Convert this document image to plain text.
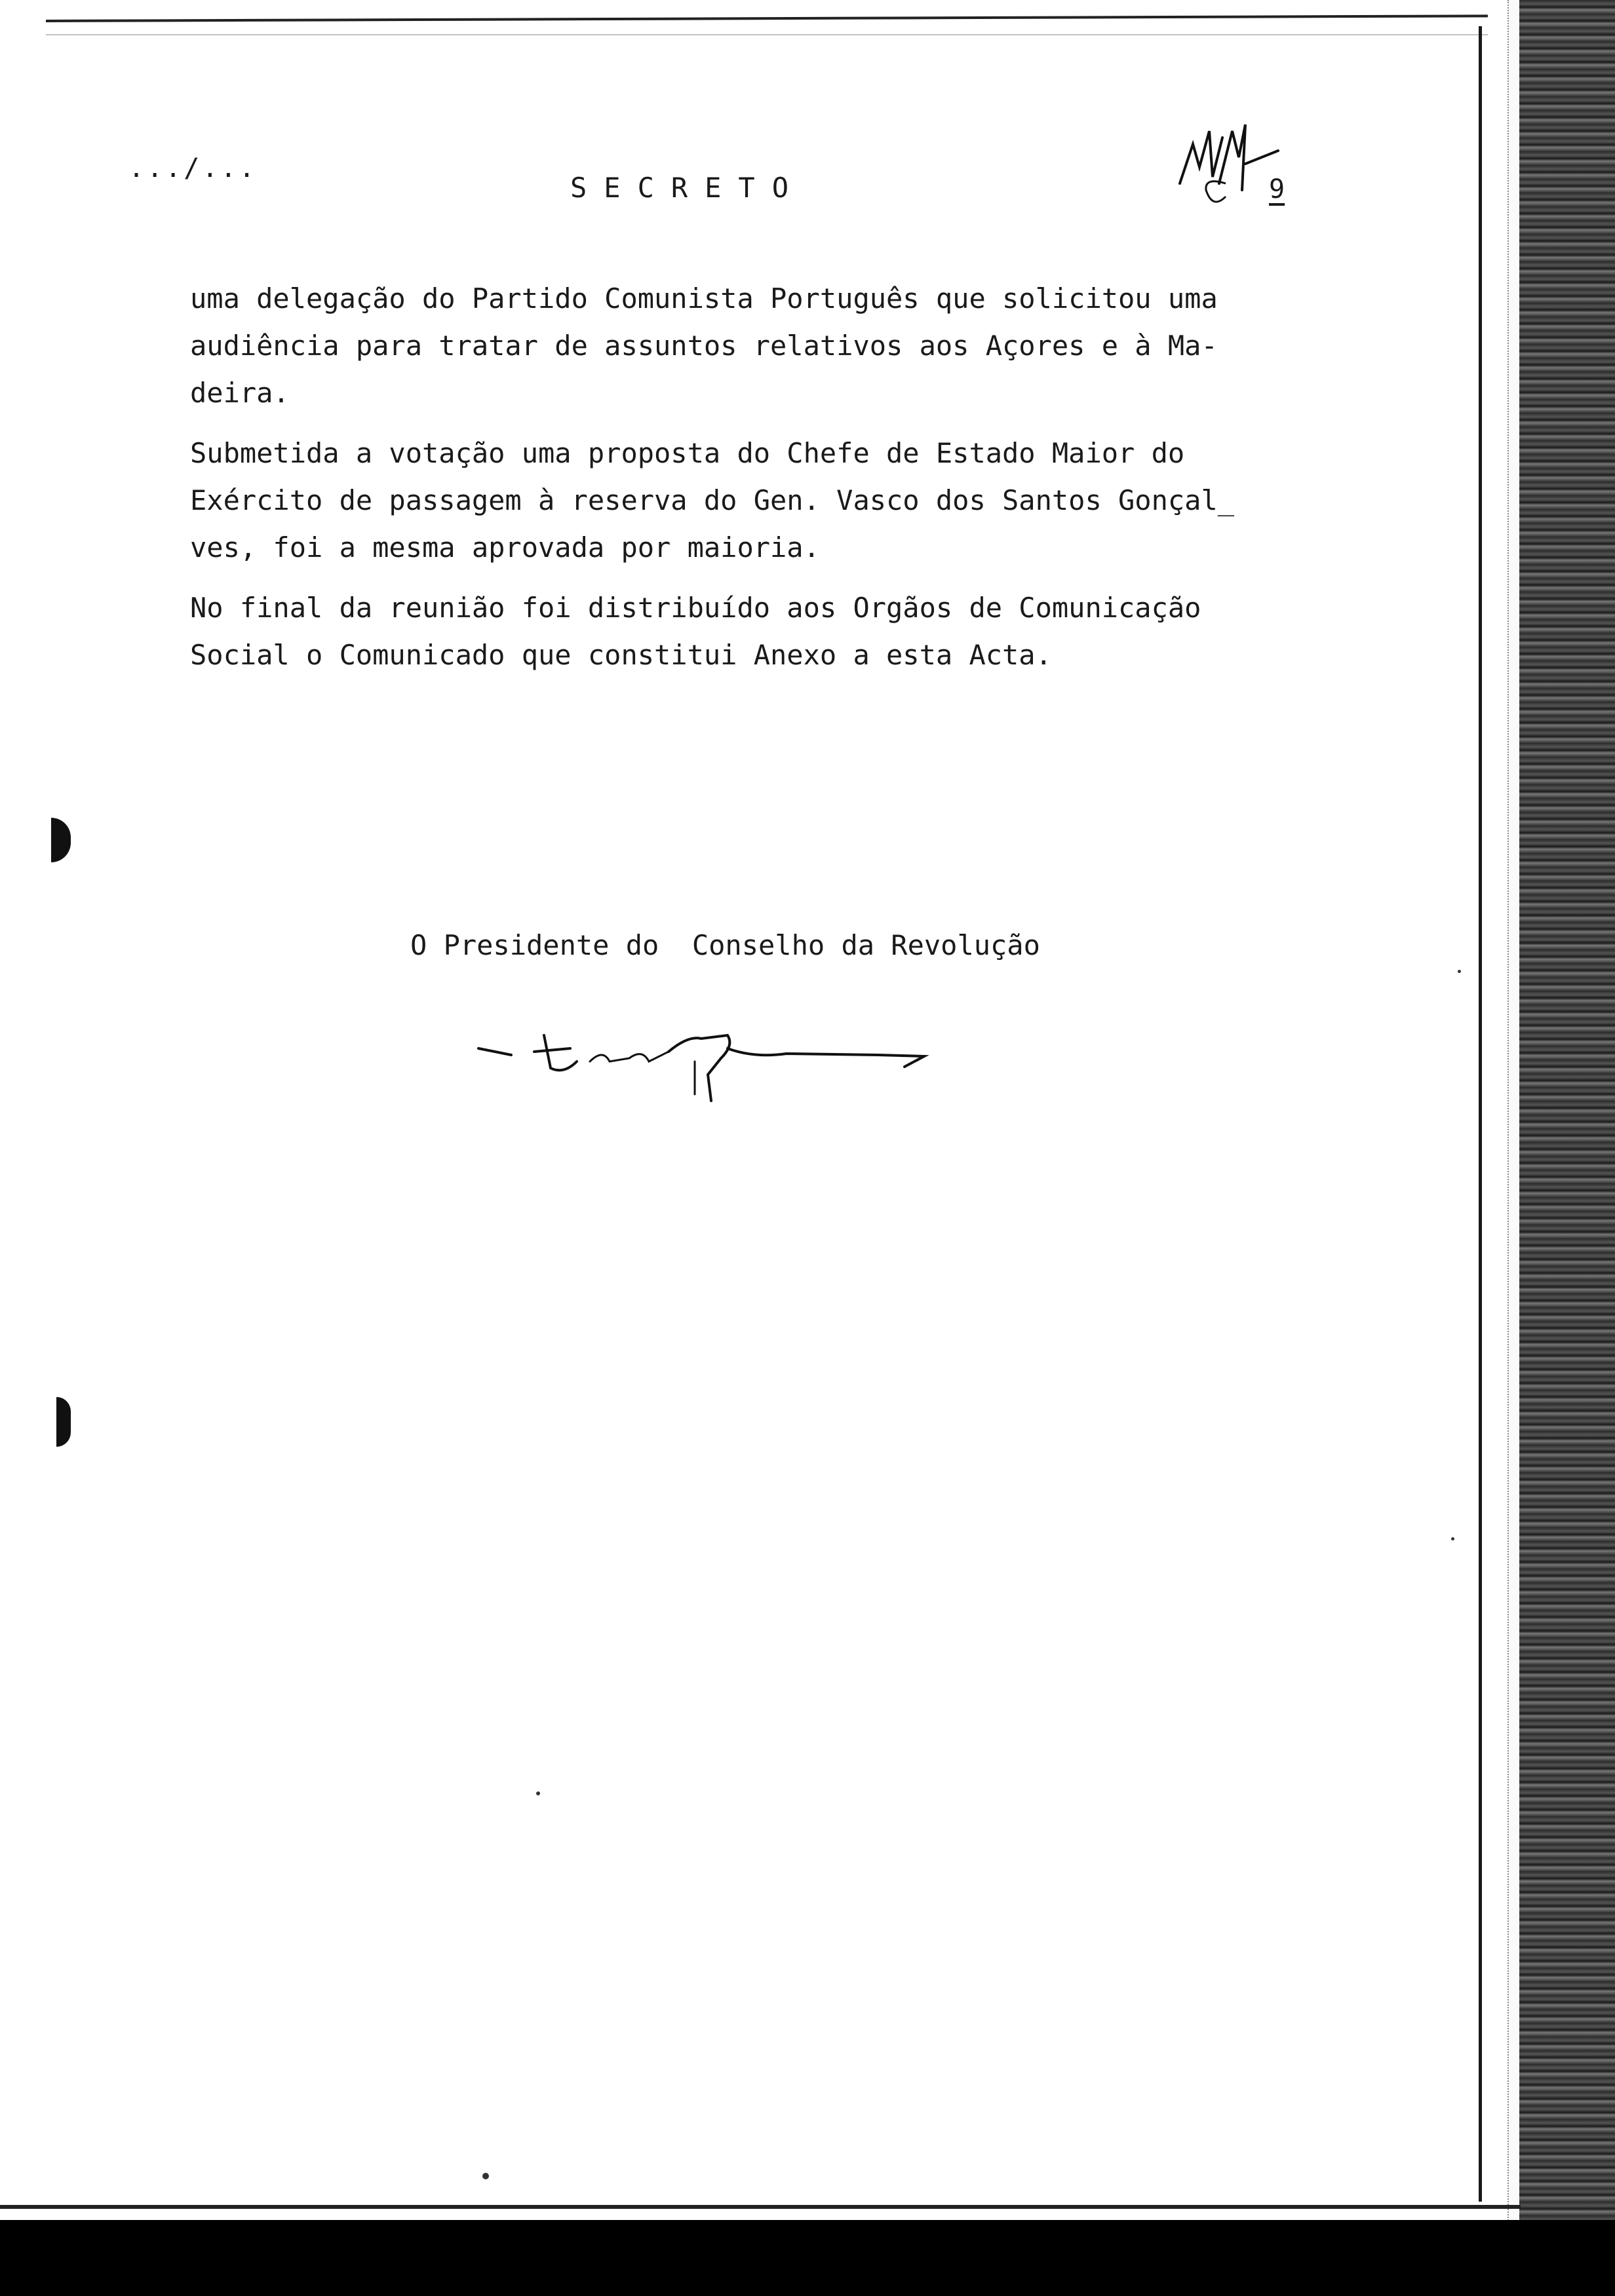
.../...
SECRETO	9
uma delegação do Partido Comunista Português que solicitou uma
audiência para tratar de assuntos relativos aos Açores e à Ma-
deira.
Submetida a votação uma proposta do Chefe de Estado Maior do
Exército de passagem à reserva do Gen. Vasco dos Santos Gonçal_
ves, foi a mesma aprovada por maioria.
No final da reunião foi distribuído aos Orgãos de Comunicação
Social o Comunicado que constitui Anexo a esta Acta.
O Presidente do  Conselho da Revolução
